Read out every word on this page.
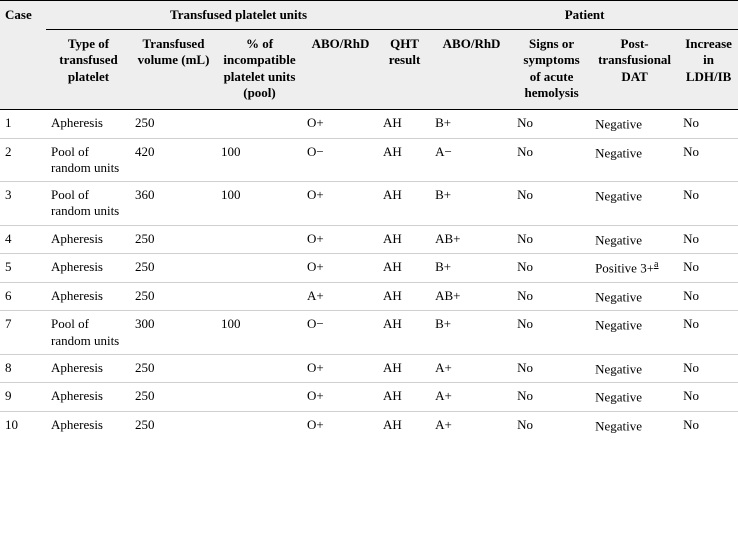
Case	Transfused platelet units					Patient			
	Type of transfused platelet	Transfused volume (mL)	% of incompatible platelet units (pool)	ABO/RhD	QHT result	ABO/RhD	Signs or symptoms of acute hemolysis	Post-transfusional DAT	Increase in LDH/IB
1	Apheresis	250		O+	AH	B+	No	Negative	No
2	Pool of random units	420	100	O−	AH	A−	No	Negative	No
3	Pool of random units	360	100	O+	AH	B+	No	Negative	No
4	Apheresis	250		O+	AH	AB+	No	Negative	No
5	Apheresis	250		O+	AH	B+	No	Positive 3+$^a$	No
6	Apheresis	250		A+	AH	AB+	No	Negative	No
7	Pool of random units	300	100	O−	AH	B+	No	Negative	No
8	Apheresis	250		O+	AH	A+	No	Negative	No
9	Apheresis	250		O+	AH	A+	No	Negative	No
10	Apheresis	250		O+	AH	A+	No	Negative	No
